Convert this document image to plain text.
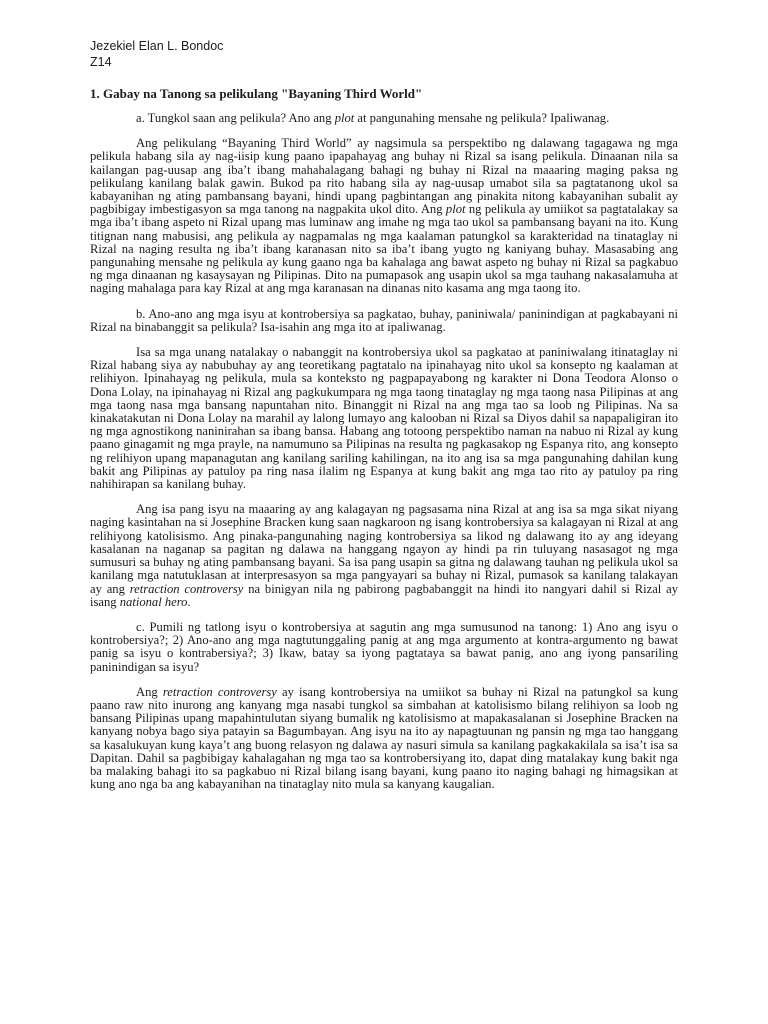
Jezekiel Elan L. Bondoc
Z14
1. Gabay na Tanong sa pelikulang "Bayaning Third World"

a. Tungkol saan ang pelikula? Ano ang plot at pangunahing mensahe ng pelikula? Ipaliwanag.

Ang pelikulang “Bayaning Third World” ay nagsimula sa perspektibo ng dalawang tagagawa ng mga pelikula habang sila ay nag-iisip kung paano ipapahayag ang buhay ni Rizal sa isang pelikula. Dinaanan nila sa kailangan pag-uusap ang iba’t ibang mahahalagang bahagi ng buhay ni Rizal na maaaring maging paksa ng pelikulang kanilang balak gawin. Bukod pa rito habang sila ay nag-uusap umabot sila sa pagtatanong ukol sa kabayanihan ng ating pambansang bayani, hindi upang pagbintangan ang pinakita nitong kabayanihan subalit ay pagbibigay imbestigasyon sa mga tanong na nagpakita ukol dito. Ang plot ng pelikula ay umiikot sa pagtatalakay sa mga iba’t ibang aspeto ni Rizal upang mas luminaw ang imahe ng mga tao ukol sa pambansang bayani na ito. Kung titignan nang mabusisi, ang pelikula ay nagpamalas ng mga kaalaman patungkol sa karakteridad na tinataglay ni Rizal na naging resulta ng iba’t ibang karanasan nito sa iba’t ibang yugto ng kaniyang buhay. Masasabing ang pangunahing mensahe ng pelikula ay kung gaano nga ba kahalaga ang bawat aspeto ng buhay ni Rizal sa pagkabuo ng mga dinaanan ng kasaysayan ng Pilipinas. Dito na pumapasok ang usapin ukol sa mga tauhang nakasalamuha at naging mahalaga para kay Rizal at ang mga karanasan na dinanas nito kasama ang mga taong ito.

b. Ano-ano ang mga isyu at kontrobersiya sa pagkatao, buhay, paniniwala/ paninindigan at pagkabayani ni Rizal na binabanggit sa pelikula? Isa-isahin ang mga ito at ipaliwanag.

Isa sa mga unang natalakay o nabanggit na kontrobersiya ukol sa pagkatao at paniniwalang itinataglay ni Rizal habang siya ay nabubuhay ay ang teoretikang pagtatalo na ipinahayag nito ukol sa konsepto ng kaalaman at relihiyon. Ipinahayag ng pelikula, mula sa konteksto ng pagpapayabong ng karakter ni Dona Teodora Alonso o Dona Lolay, na ipinahayag ni Rizal ang pagkukumpara ng mga taong tinataglay ng mga taong nasa Pilipinas at ang mga taong nasa mga bansang napuntahan nito. Binanggit ni Rizal na ang mga tao sa loob ng Pilipinas. Na sa kinakatakutan ni Dona Lolay na marahil ay lalong lumayo ang kalooban ni Rizal sa Diyos dahil sa napapaligiran ito ng mga agnostikong naninirahan sa ibang bansa. Habang ang totoong perspektibo naman na nabuo ni Rizal ay kung paano ginagamit ng mga prayle, na namumuno sa Pilipinas na resulta ng pagkasakop ng Espanya rito, ang konsepto ng relihiyon upang mapanagutan ang kanilang sariling kahilingan, na ito ang isa sa mga pangunahing dahilan kung bakit ang Pilipinas ay patuloy pa ring nasa ilalim ng Espanya at kung bakit ang mga tao rito ay patuloy pa ring nahihirapan sa kanilang buhay.

Ang isa pang isyu na maaaring ay ang kalagayan ng pagsasama nina Rizal at ang isa sa mga sikat niyang naging kasintahan na si Josephine Bracken kung saan nagkaroon ng isang kontrobersiya sa kalagayan ni Rizal at ang relihiyong katolisismo. Ang pinaka-pangunahing naging kontrobersiya sa likod ng dalawang ito ay ang ideyang kasalanan na naganap sa pagitan ng dalawa na hanggang ngayon ay hindi pa rin tuluyang nasasagot ng mga sumusuri sa buhay ng ating pambansang bayani. Sa isa pang usapin sa gitna ng dalawang tauhan ng pelikula ukol sa kanilang mga natutuklasan at interpresasyon sa mga pangyayari sa buhay ni Rizal, pumasok sa kanilang talakayan ay ang retraction controversy na binigyan nila ng pabirong pagbabanggit na hindi ito nangyari dahil si Rizal ay isang national hero.

c. Pumili ng tatlong isyu o kontrobersiya at sagutin ang mga sumusunod na tanong: 1) Ano ang isyu o kontrobersiya?; 2) Ano-ano ang mga nagtutunggaling panig at ang mga argumento at kontra-argumento ng bawat panig sa isyu o kontrabersiya?; 3) Ikaw, batay sa iyong pagtataya sa bawat panig, ano ang iyong pansariling paninindigan sa isyu?

Ang retraction controversy ay isang kontrobersiya na umiikot sa buhay ni Rizal na patungkol sa kung paano raw nito inurong ang kanyang mga nasabi tungkol sa simbahan at katolisismo bilang relihiyon sa loob ng bansang Pilipinas upang mapahintulutan siyang bumalik ng katolisismo at mapakasalanan si Josephine Bracken na kanyang nobya bago siya patayin sa Bagumbayan. Ang isyu na ito ay napagtuunan ng pansin ng mga tao hanggang sa kasalukuyan kung kaya’t ang buong relasyon ng dalawa ay nasuri simula sa kanilang pagkakakilala sa isa’t isa sa Dapitan. Dahil sa pagbibigay kahalagahan ng mga tao sa kontrobersiyang ito, dapat ding matalakay kung bakit nga ba malaking bahagi ito sa pagkabuo ni Rizal bilang isang bayani, kung paano ito naging bahagi ng himagsikan at kung ano nga ba ang kabayanihan na tinataglay nito mula sa kanyang kaugalian.
